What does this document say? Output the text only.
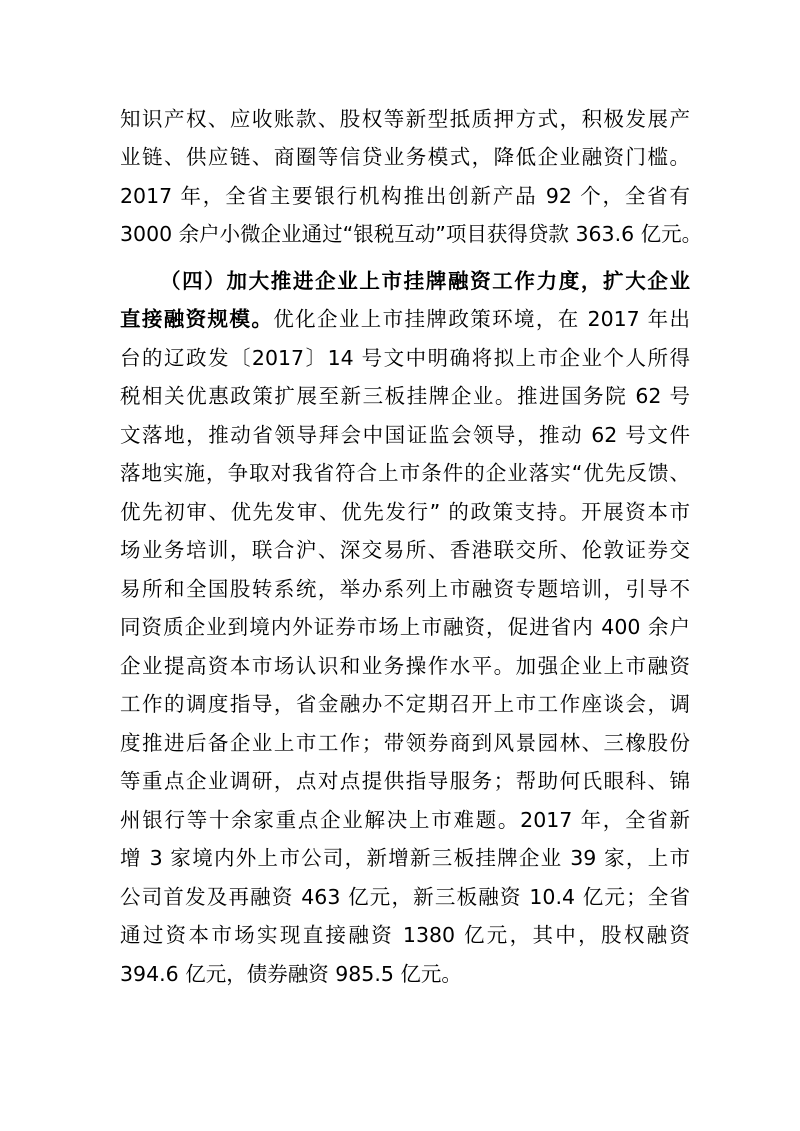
知识产权、应收账款、股权等新型抵质押方式，积极发展产
业链、供应链、商圈等信贷业务模式，降低企业融资门槛。
2017 年，全省主要银行机构推出创新产品 92 个，全省有
3000 余户小微企业通过“银税互动”项目获得贷款 363.6 亿元。
（四）加大推进企业上市挂牌融资工作力度，扩大企业
直接融资规模。优化企业上市挂牌政策环境，在 2017 年出
台的辽政发〔2017〕14 号文中明确将拟上市企业个人所得
税相关优惠政策扩展至新三板挂牌企业。推进国务院 62 号
文落地，推动省领导拜会中国证监会领导，推动 62 号文件
落地实施，争取对我省符合上市条件的企业落实“优先反馈、
优先初审、优先发审、优先发行” 的政策支持。开展资本市
场业务培训，联合沪、深交易所、香港联交所、伦敦证券交
易所和全国股转系统，举办系列上市融资专题培训，引导不
同资质企业到境内外证券市场上市融资，促进省内 400 余户
企业提高资本市场认识和业务操作水平。加强企业上市融资
工作的调度指导，省金融办不定期召开上市工作座谈会，调
度推进后备企业上市工作；带领券商到风景园林、三橡股份
等重点企业调研，点对点提供指导服务；帮助何氏眼科、锦
州银行等十余家重点企业解决上市难题。2017 年，全省新
增 3 家境内外上市公司，新增新三板挂牌企业 39 家，上市
公司首发及再融资 463 亿元，新三板融资 10.4 亿元；全省
通过资本市场实现直接融资 1380 亿元，其中，股权融资
394.6 亿元，债券融资 985.5 亿元。
